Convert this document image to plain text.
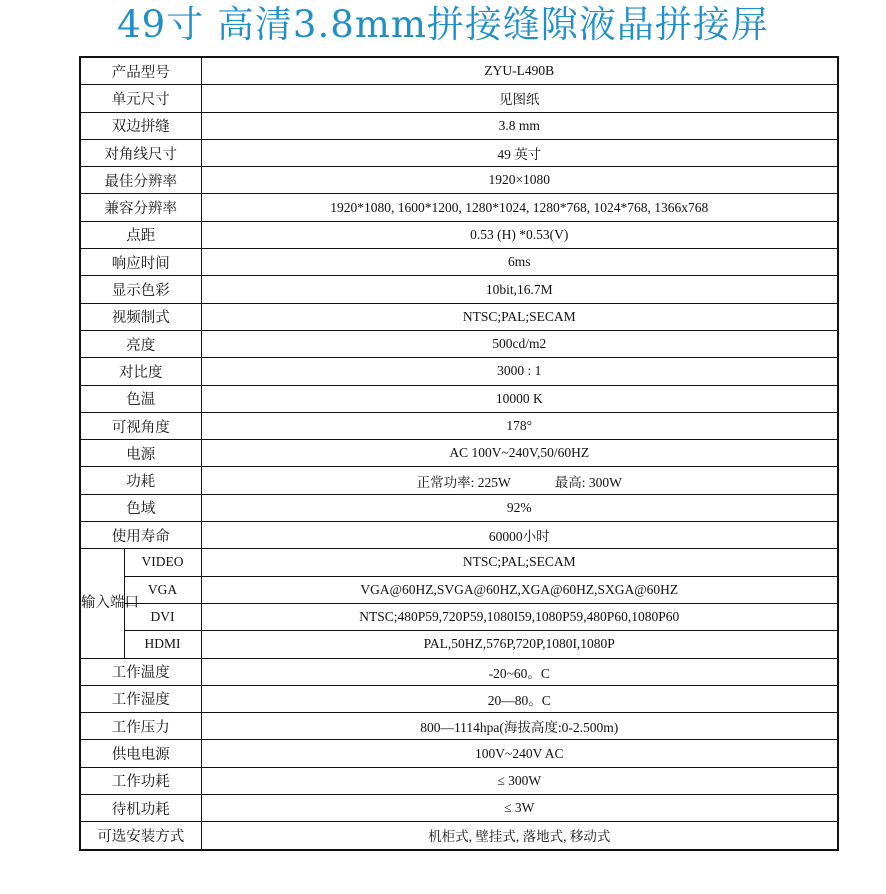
49寸 高清3.8mm拼接缝隙液晶拼接屏
产品型号		ZYU-L490B
单元尺寸		见图纸
双边拼缝		3.8 mm
对角线尺寸		49 英寸
最佳分辨率		1920×1080
兼容分辨率		1920*1080, 1600*1200, 1280*1024, 1280*768, 1024*768, 1366x768
点距		0.53 (H) *0.53(V)
响应时间		6ms
显示色彩		10bit,16.7M
视频制式		NTSC;PAL;SECAM
亮度		500cd/m2
对比度		3000 : 1
色温		10000 K
可视角度		178°
电源		AC 100V~240V,50/60HZ
功耗		正常功率: 225W 最高: 300W
色域		92%
使用寿命		60000小时
输入端口	VIDEO	NTSC;PAL;SECAM
	VGA	VGA@60HZ,SVGA@60HZ,XGA@60HZ,SXGA@60HZ
	DVI	NTSC;480P59,720P59,1080I59,1080P59,480P60,1080P60
	HDMI	PAL,50HZ,576P,720P,1080I,1080P
工作温度		-20~60。C
工作湿度		20—80。C
工作压力		800—1114hpa(海拔高度:0-2.500m)
供电电源		100V~240V AC
工作功耗		≤ 300W
待机功耗		≤ 3W
可选安装方式		机柜式, 壁挂式, 落地式, 移动式
